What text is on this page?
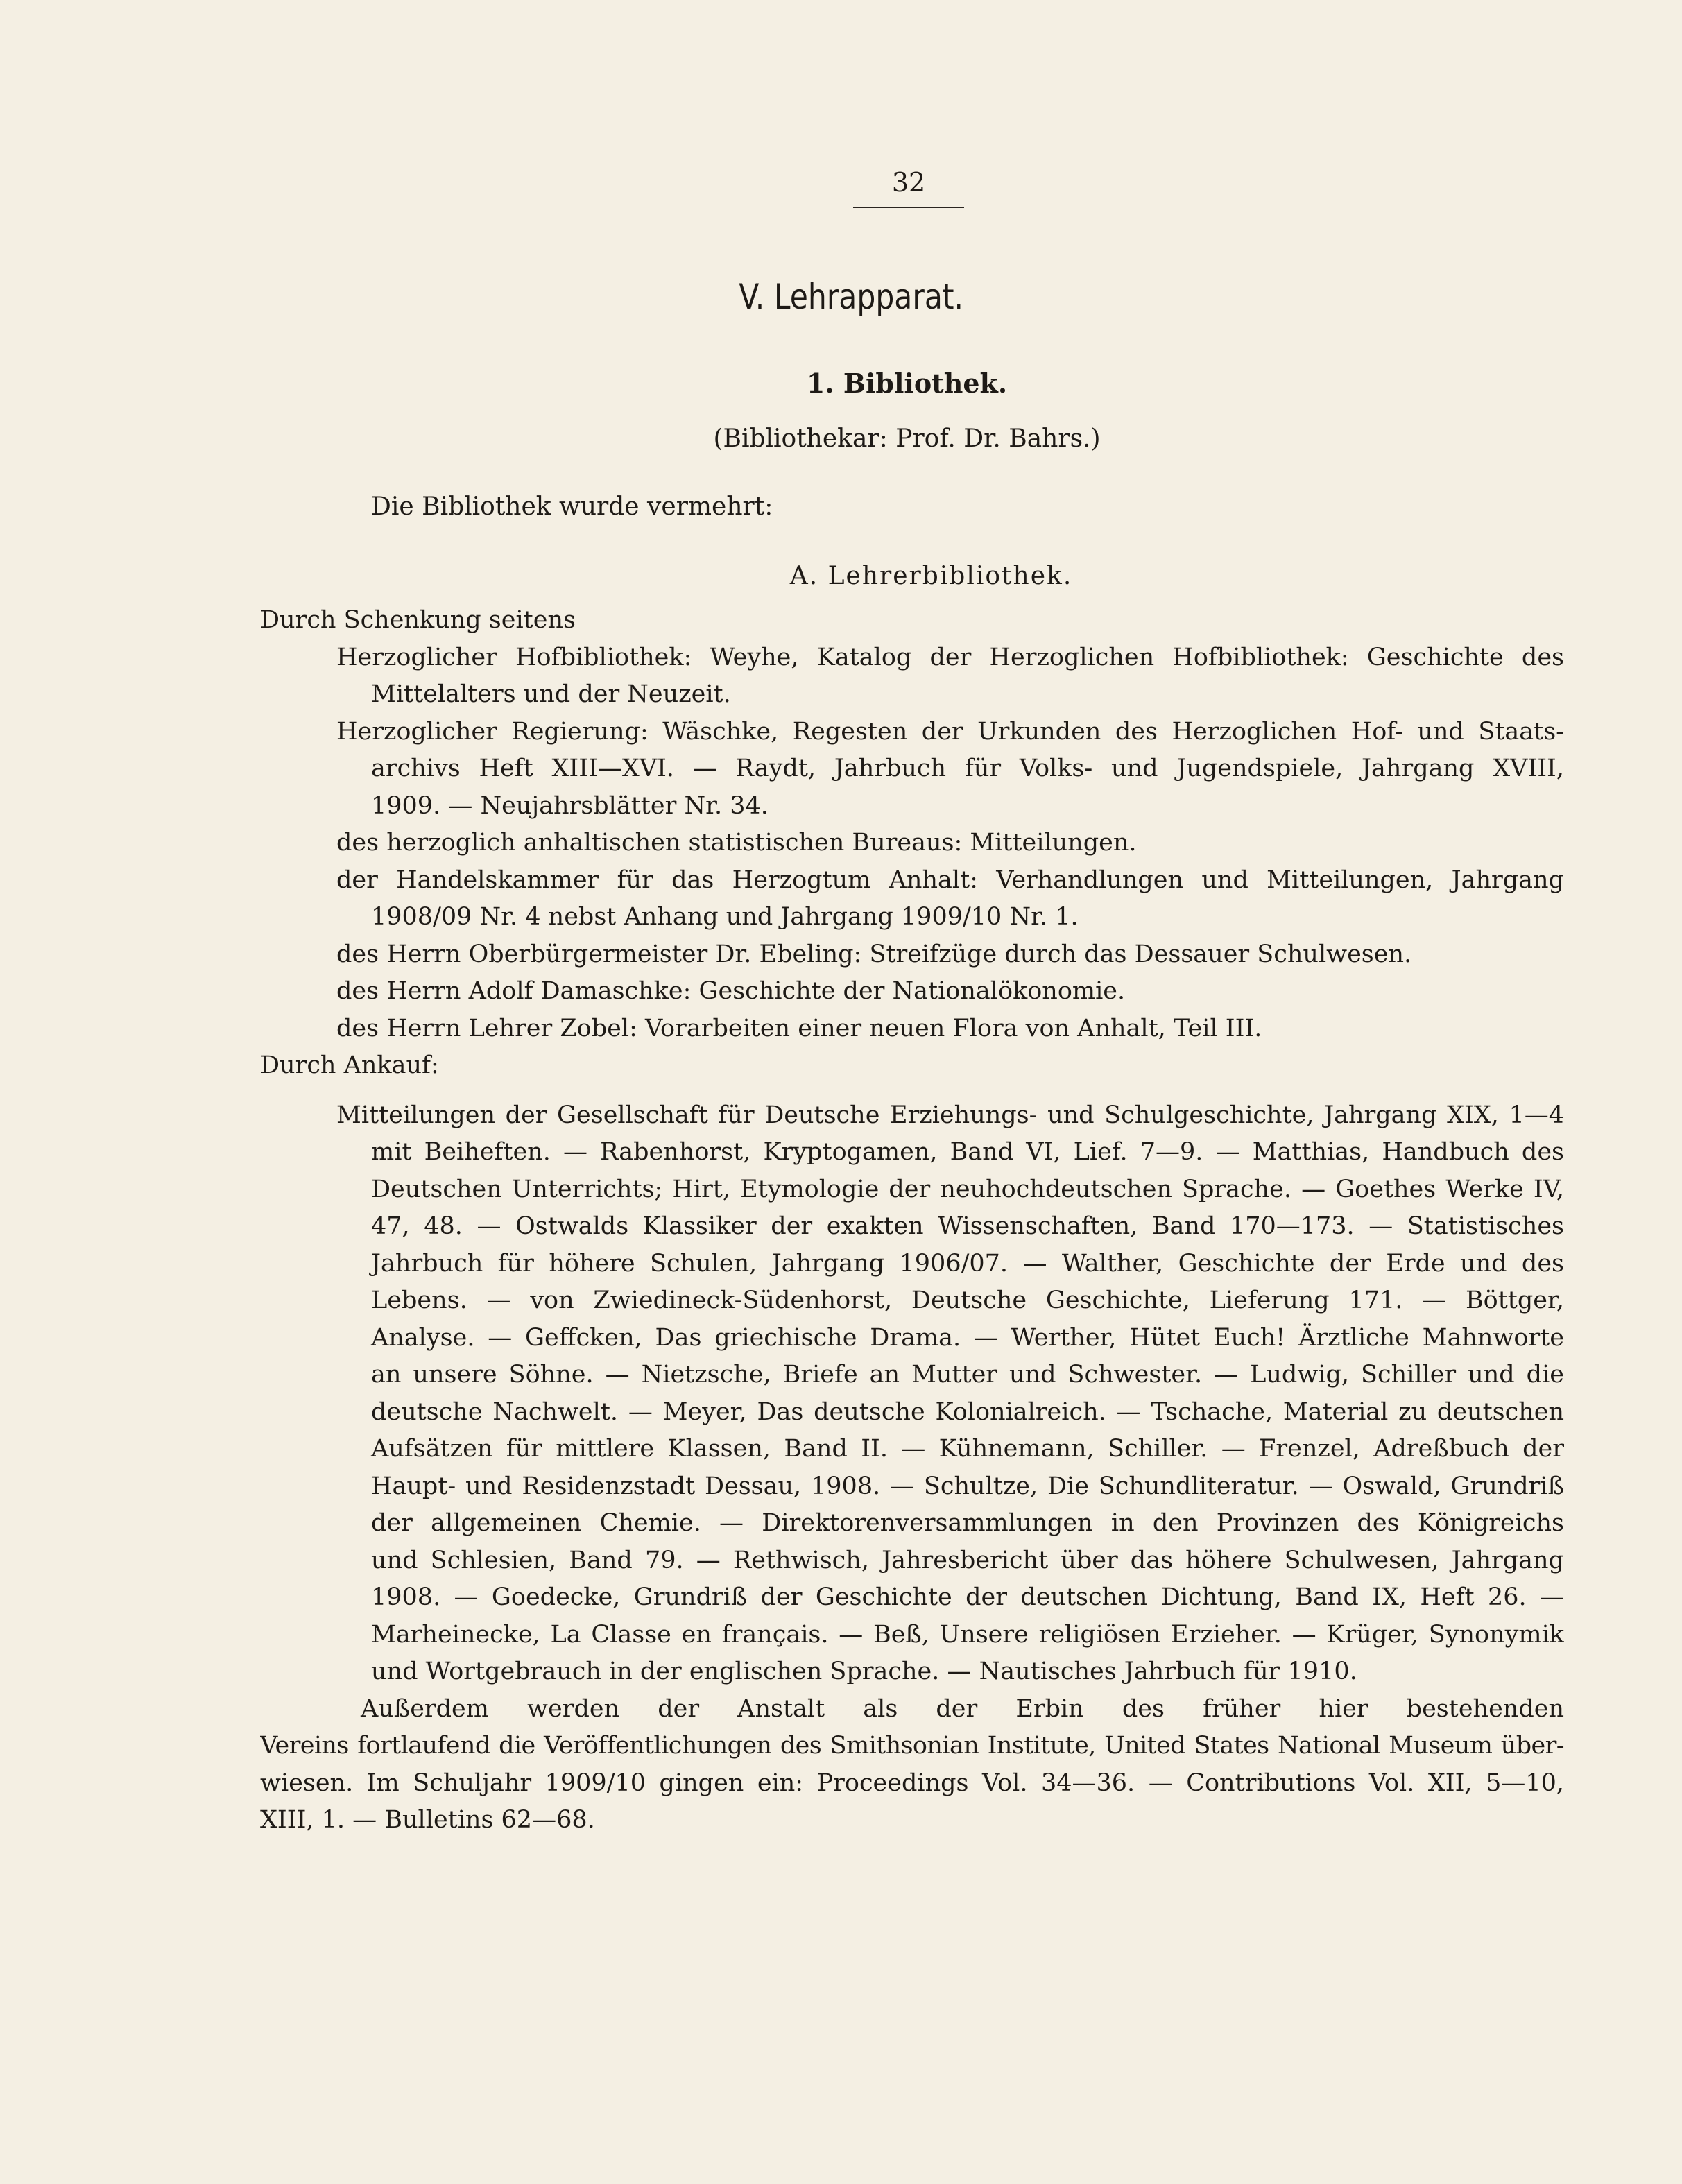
32
V. Lehrapparat.
1. Bibliothek.
(Bibliothekar: Prof. Dr. Bahrs.)
Die Bibliothek wurde vermehrt:
A. Lehrerbibliothek.
Durch Schenkung seitens
Herzoglicher Hofbibliothek: Weyhe, Katalog der Herzoglichen Hofbibliothek: Geschichte des
Mittelalters und der Neuzeit.
Herzoglicher Regierung: Wäschke, Regesten der Urkunden des Herzoglichen Hof- und Staats-
archivs Heft XIII—XVI. — Raydt, Jahrbuch für Volks- und Jugendspiele, Jahrgang XVIII,
1909. — Neujahrsblätter Nr. 34.
des herzoglich anhaltischen statistischen Bureaus: Mitteilungen.
der Handelskammer für das Herzogtum Anhalt: Verhandlungen und Mitteilungen, Jahrgang
1908/09 Nr. 4 nebst Anhang und Jahrgang 1909/10 Nr. 1.
des Herrn Oberbürgermeister Dr. Ebeling: Streifzüge durch das Dessauer Schulwesen.
des Herrn Adolf Damaschke: Geschichte der Nationalökonomie.
des Herrn Lehrer Zobel: Vorarbeiten einer neuen Flora von Anhalt, Teil III.
Durch Ankauf:
Mitteilungen der Gesellschaft für Deutsche Erziehungs- und Schulgeschichte, Jahrgang XIX, 1—4
mit Beiheften. — Rabenhorst, Kryptogamen, Band VI, Lief. 7—9. — Matthias, Handbuch des
Deutschen Unterrichts; Hirt, Etymologie der neuhochdeutschen Sprache. — Goethes Werke IV,
47, 48. — Ostwalds Klassiker der exakten Wissenschaften, Band 170—173. — Statistisches
Jahrbuch für höhere Schulen, Jahrgang 1906/07. — Walther, Geschichte der Erde und des
Lebens. — von Zwiedineck-Südenhorst, Deutsche Geschichte, Lieferung 171. — Böttger,
Analyse. — Geffcken, Das griechische Drama. — Werther, Hütet Euch! Ärztliche Mahnworte
an unsere Söhne. — Nietzsche, Briefe an Mutter und Schwester. — Ludwig, Schiller und die
deutsche Nachwelt. — Meyer, Das deutsche Kolonialreich. — Tschache, Material zu deutschen
Aufsätzen für mittlere Klassen, Band II. — Kühnemann, Schiller. — Frenzel, Adreßbuch der
Haupt- und Residenzstadt Dessau, 1908. — Schultze, Die Schundliteratur. — Oswald, Grundriß
der allgemeinen Chemie. — Direktorenversammlungen in den Provinzen des Königreichs
und Schlesien, Band 79. — Rethwisch, Jahresbericht über das höhere Schulwesen, Jahrgang
1908. — Goedecke, Grundriß der Geschichte der deutschen Dichtung, Band IX, Heft 26. —
Marheinecke, La Classe en français. — Beß, Unsere religiösen Erzieher. — Krüger, Synonymik
und Wortgebrauch in der englischen Sprache. — Nautisches Jahrbuch für 1910.
Außerdem werden der Anstalt als der Erbin des früher hier bestehenden
Vereins fortlaufend die Veröffentlichungen des Smithsonian Institute, United States National Museum über-
wiesen. Im Schuljahr 1909/10 gingen ein: Proceedings Vol. 34—36. — Contributions Vol. XII, 5—10,
XIII, 1. — Bulletins 62—68.
